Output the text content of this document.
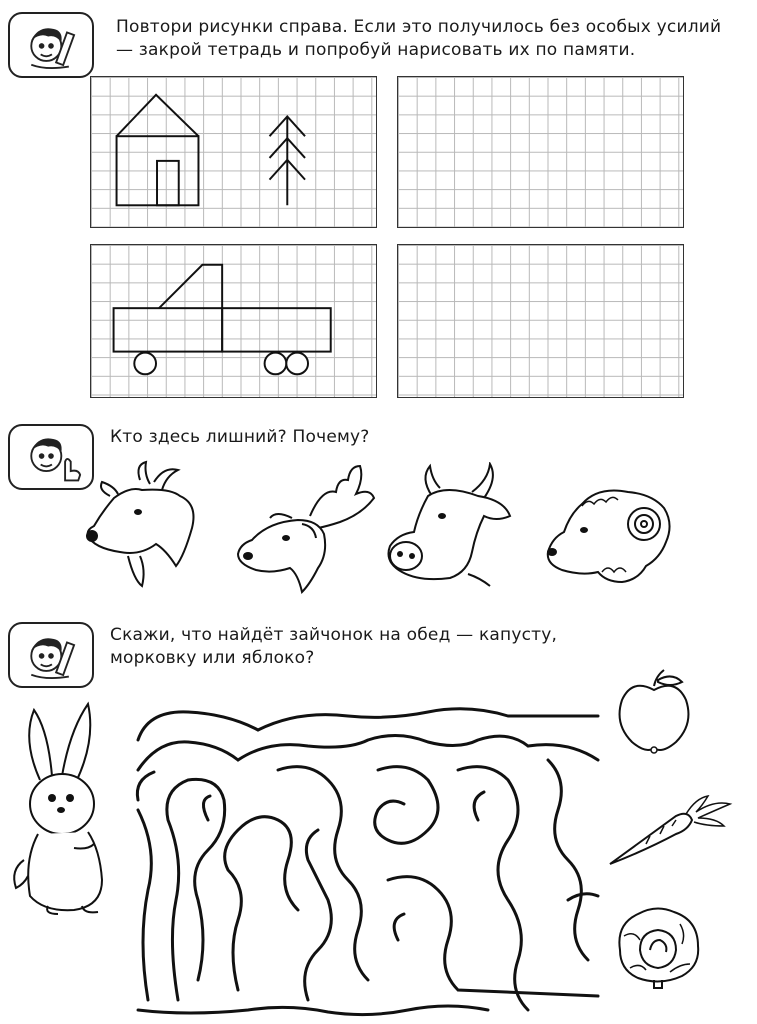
Повтори рисунки справа. Если это получилось без особых усилий — закрой тетрадь и попробуй нарисовать их по памяти.
Кто здесь лишний? Почему?
Скажи, что найдёт зайчонок на обед — капусту, морковку или яблоко?
